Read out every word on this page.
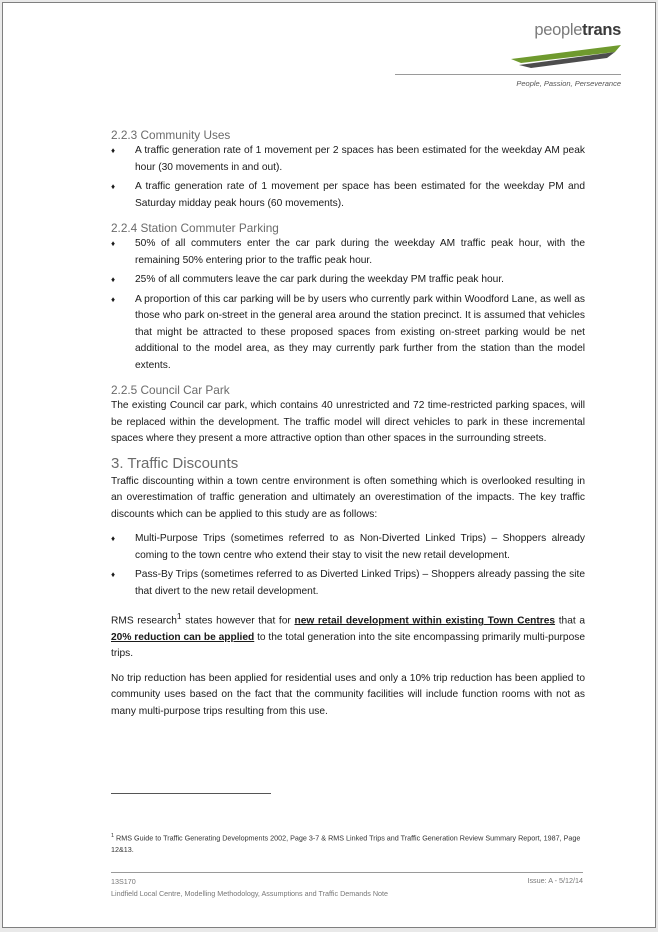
peopletrans
People, Passion, Perseverance
2.2.3 Community Uses
♦ A traffic generation rate of 1 movement per 2 spaces has been estimated for the weekday AM peak hour (30 movements in and out).
♦ A traffic generation rate of 1 movement per space has been estimated for the weekday PM and Saturday midday peak hours (60 movements).
2.2.4 Station Commuter Parking
♦ 50% of all commuters enter the car park during the weekday AM traffic peak hour, with the remaining 50% entering prior to the traffic peak hour.
♦ 25% of all commuters leave the car park during the weekday PM traffic peak hour.
♦ A proportion of this car parking will be by users who currently park within Woodford Lane, as well as those who park on-street in the general area around the station precinct. It is assumed that vehicles that might be attracted to these proposed spaces from existing on-street parking would be net additional to the model area, as they may currently park further from the station than the model extents.
2.2.5 Council Car Park

The existing Council car park, which contains 40 unrestricted and 72 time-restricted parking spaces, will be replaced within the development. The traffic model will direct vehicles to park in these incremental spaces where they present a more attractive option than other spaces in the surrounding streets.

3. Traffic Discounts

Traffic discounting within a town centre environment is often something which is overlooked resulting in an overestimation of traffic generation and ultimately an overestimation of the impacts. The key traffic discounts which can be applied to this study are as follows:

♦ Multi-Purpose Trips (sometimes referred to as Non-Diverted Linked Trips) – Shoppers already coming to the town centre who extend their stay to visit the new retail development.
♦ Pass-By Trips (sometimes referred to as Diverted Linked Trips) – Shoppers already passing the site that divert to the new retail development.

RMS research$^1$ states however that for new retail development within existing Town Centres that a 20% reduction can be applied to the total generation into the site encompassing primarily multi-purpose trips.

No trip reduction has been applied for residential uses and only a 10% trip reduction has been applied to community uses based on the fact that the community facilities will include function rooms with not as many multi-purpose trips resulting from this use.

$^1$ RMS Guide to Traffic Generating Developments 2002, Page 3-7 & RMS Linked Trips and Traffic Generation Review Summary Report, 1987, Page 12&13.
13S170
Lindfield Local Centre, Modelling Methodology, Assumptions and Traffic Demands Note
Issue: A - 5/12/14
